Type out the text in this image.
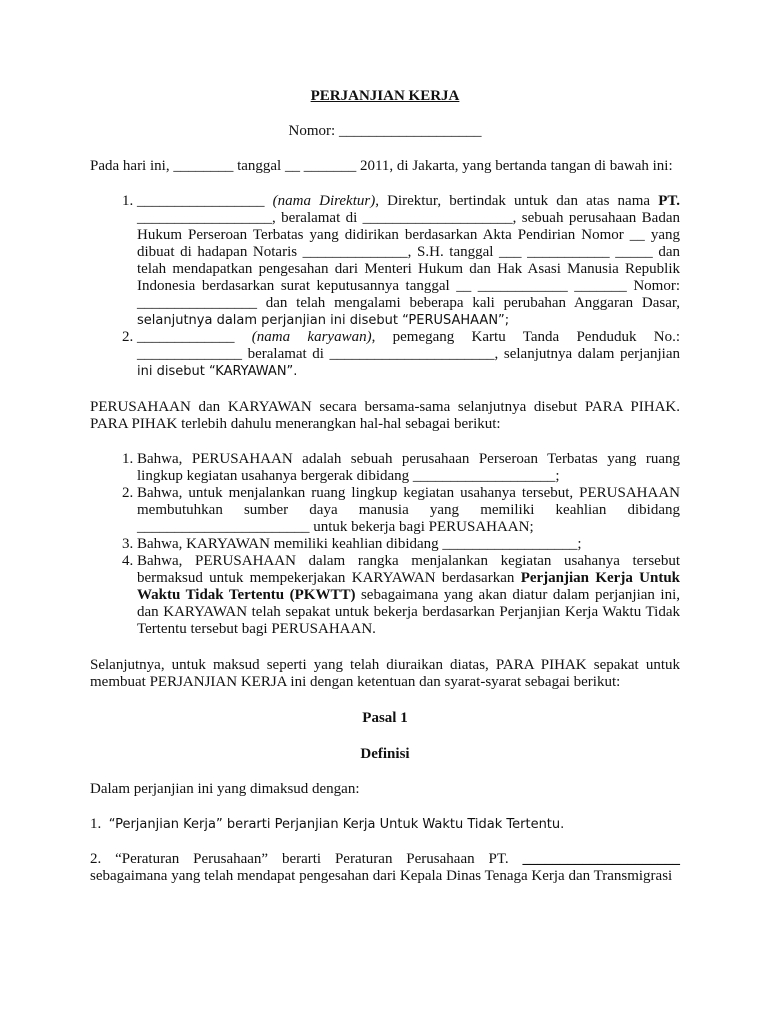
PERJANJIAN KERJA

Nomor: ___________________
Pada hari ini, ________ tanggal __ _______ 2011, di Jakarta, yang bertanda tangan di bawah ini:
1. _________________ (nama Direktur), Direktur, bertindak untuk dan atas nama PT. __________________, beralamat di ____________________, sebuah perusahaan Badan Hukum Perseroan Terbatas yang didirikan berdasarkan Akta Pendirian Nomor __ yang dibuat di hadapan Notaris ______________, S.H. tanggal ___ ___________ _____ dan telah mendapatkan pengesahan dari Menteri Hukum dan Hak Asasi Manusia Republik Indonesia berdasarkan surat keputusannya tanggal __ ____________ _______ Nomor: ________________ dan telah mengalami beberapa kali perubahan Anggaran Dasar, selanjutnya dalam perjanjian ini disebut “PERUSAHAAN”;
2. _____________ (nama karyawan), pemegang Kartu Tanda Penduduk No.: ______________ beralamat di ______________________, selanjutnya dalam perjanjian ini disebut “KARYAWAN”.
PERUSAHAAN dan KARYAWAN secara bersama-sama selanjutnya disebut PARA PIHAK. PARA PIHAK terlebih dahulu menerangkan hal-hal sebagai berikut:
1. Bahwa, PERUSAHAAN adalah sebuah perusahaan Perseroan Terbatas yang ruang lingkup kegiatan usahanya bergerak dibidang ___________________;
2. Bahwa, untuk menjalankan ruang lingkup kegiatan usahanya tersebut, PERUSAHAAN membutuhkan sumber daya manusia yang memiliki keahlian dibidang _______________________ untuk bekerja bagi PERUSAHAAN;
3. Bahwa, KARYAWAN memiliki keahlian dibidang __________________;
4. Bahwa, PERUSAHAAN dalam rangka menjalankan kegiatan usahanya tersebut bermaksud untuk mempekerjakan KARYAWAN berdasarkan Perjanjian Kerja Untuk Waktu Tidak Tertentu (PKWTT) sebagaimana yang akan diatur dalam perjanjian ini, dan KARYAWAN telah sepakat untuk bekerja berdasarkan Perjanjian Kerja Waktu Tidak Tertentu tersebut bagi PERUSAHAAN.
Selanjutnya, untuk maksud seperti yang telah diuraikan diatas, PARA PIHAK sepakat untuk membuat PERJANJIAN KERJA ini dengan ketentuan dan syarat-syarat sebagai berikut:
Pasal 1
Definisi
Dalam perjanjian ini yang dimaksud dengan:
1. “Perjanjian Kerja” berarti Perjanjian Kerja Untuk Waktu Tidak Tertentu.
2. “Peraturan Perusahaan” berarti Peraturan Perusahaan PT. _____________________ sebagaimana yang telah mendapat pengesahan dari Kepala Dinas Tenaga Kerja dan Transmigrasi
